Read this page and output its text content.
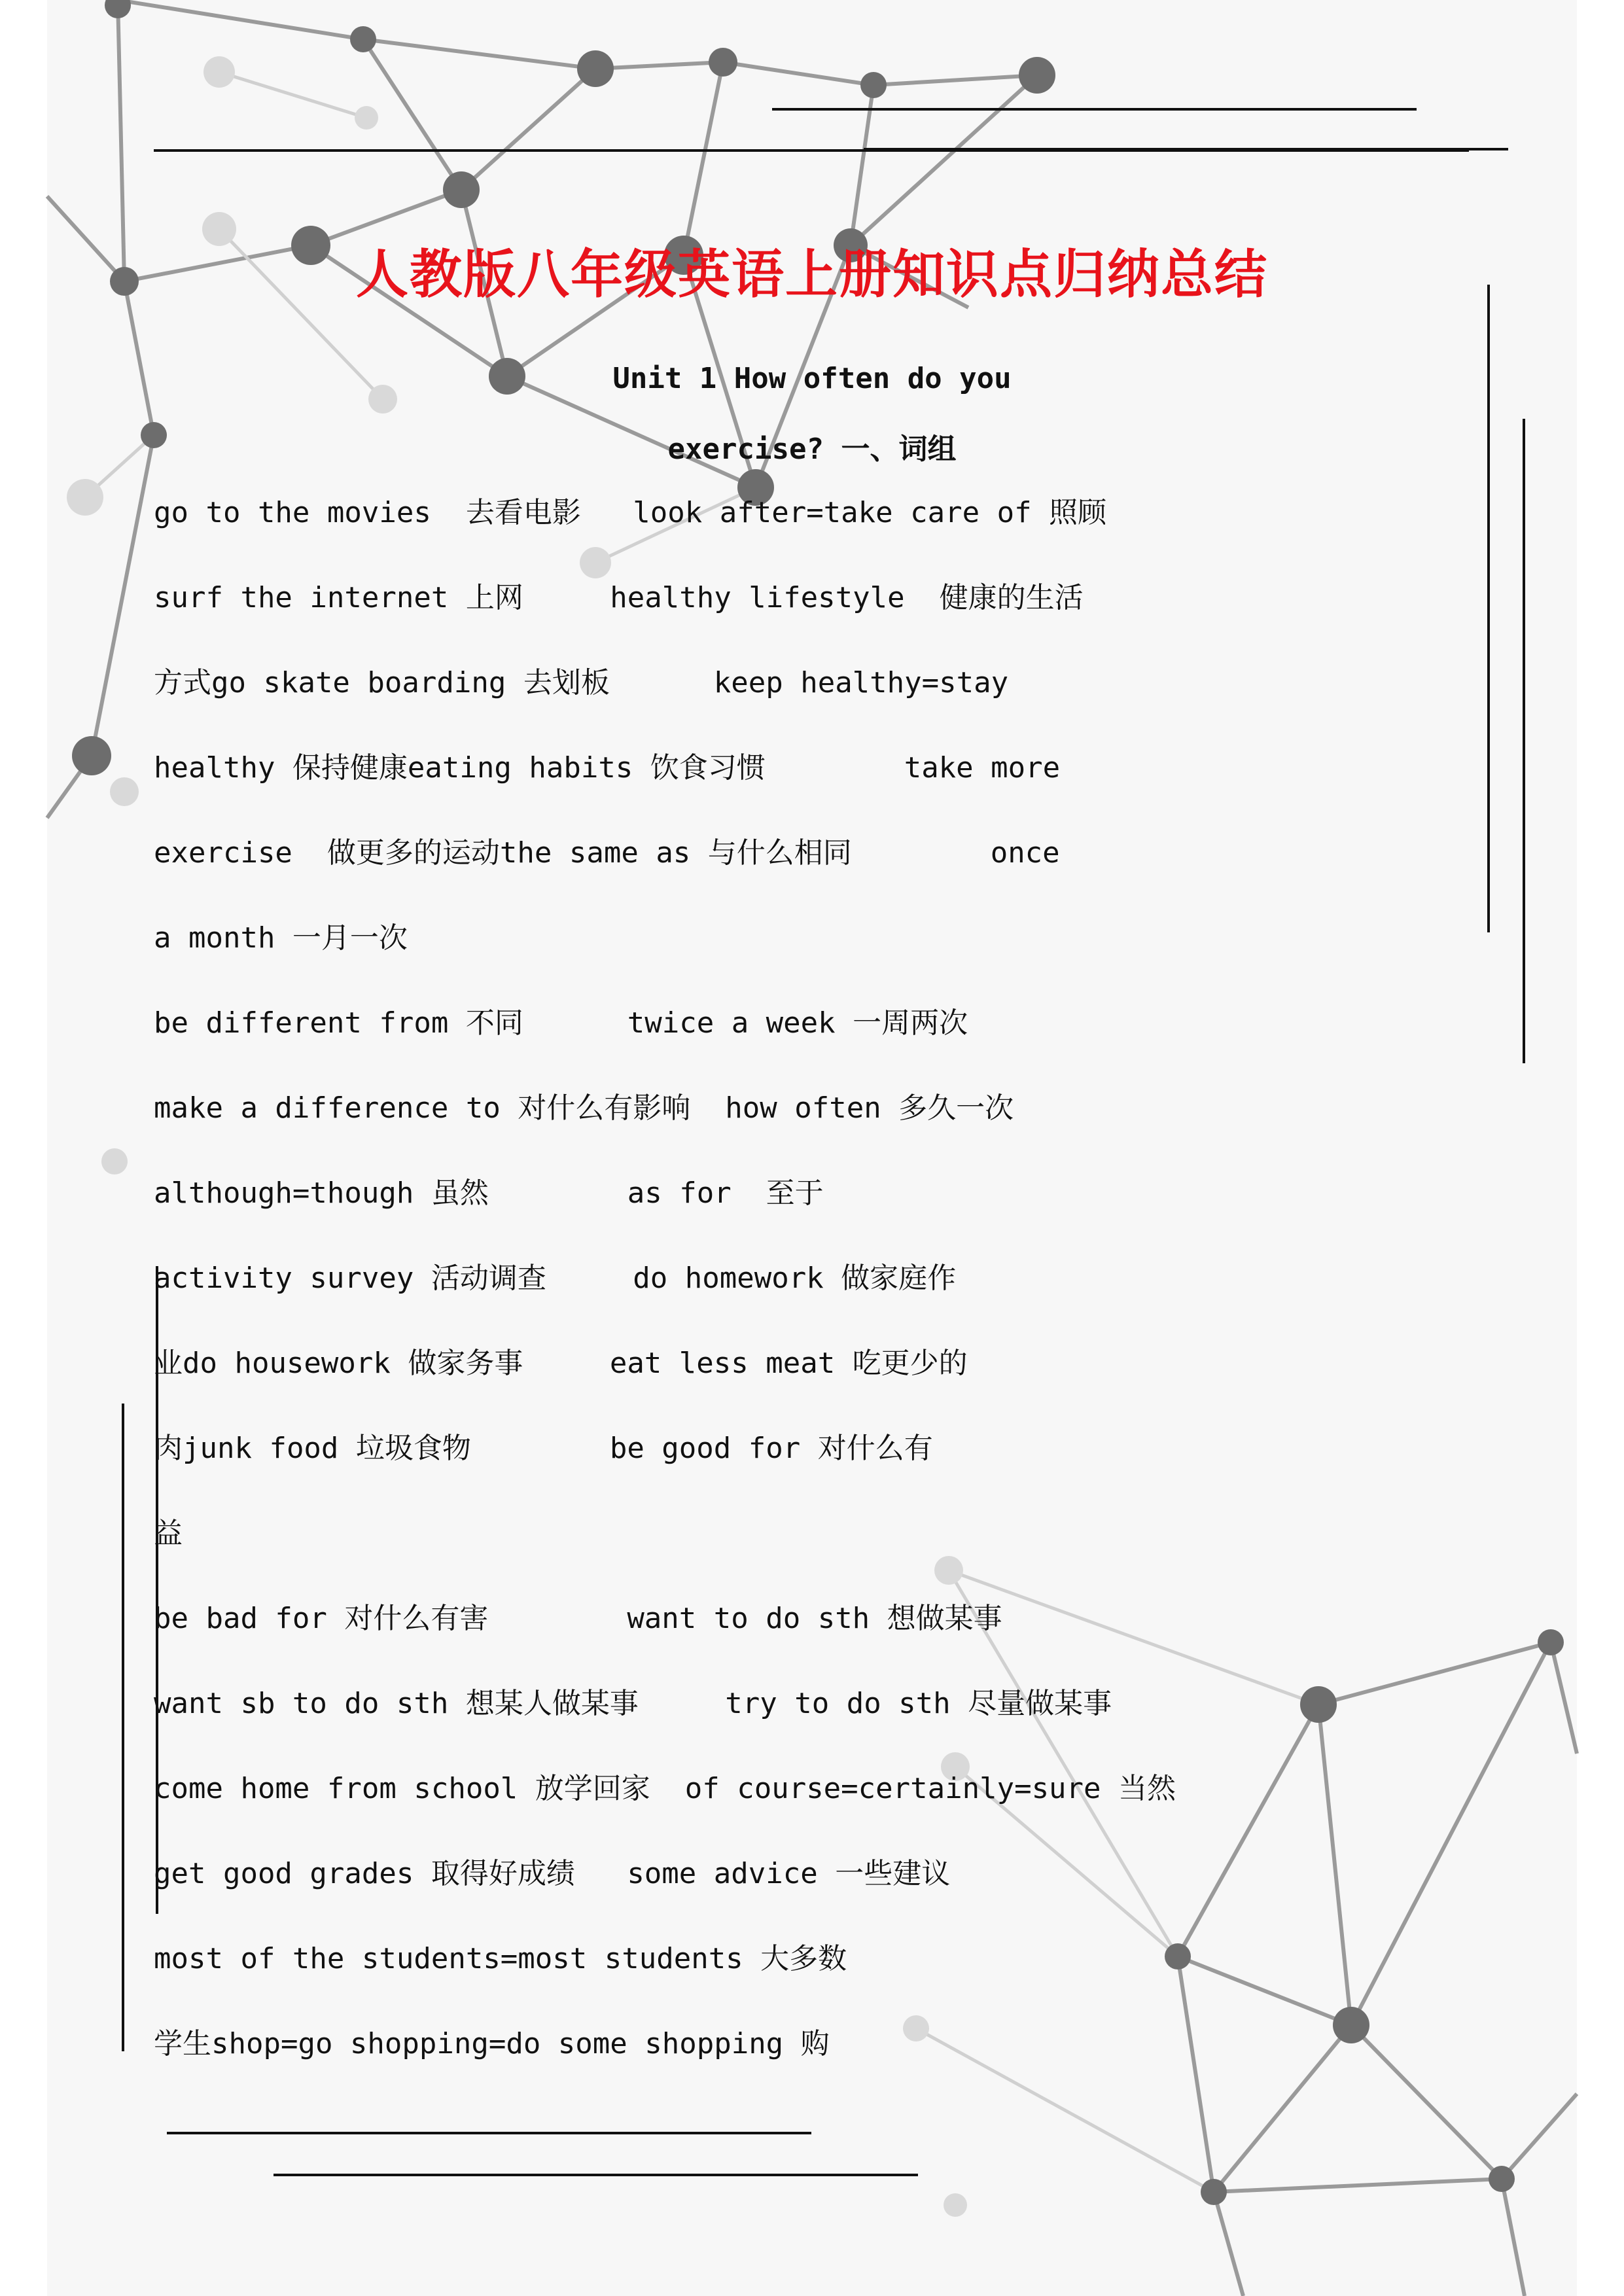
人教版八年级英语上册知识点归纳总结
Unit 1 How often do you
exercise? 一、词组
go to the movies  去看电影   look after=take care of 照顾
surf the internet 上网     healthy lifestyle  健康的生活
方式go skate boarding 去划板      keep healthy=stay
healthy 保持健康eating habits 饮食习惯        take more
exercise  做更多的运动the same as 与什么相同        once
a month 一月一次
be different from 不同      twice a week 一周两次
make a difference to 对什么有影响  how often 多久一次
although=though 虽然        as for  至于
activity survey 活动调查     do homework 做家庭作
业do housework 做家务事     eat less meat 吃更少的
肉junk food 垃圾食物        be good for 对什么有
益
be bad for 对什么有害        want to do sth 想做某事
want sb to do sth 想某人做某事     try to do sth 尽量做某事
come home from school 放学回家  of course=certainly=sure 当然
get good grades 取得好成绩   some advice 一些建议
most of the students=most students 大多数
学生shop=go shopping=do some shopping 购
